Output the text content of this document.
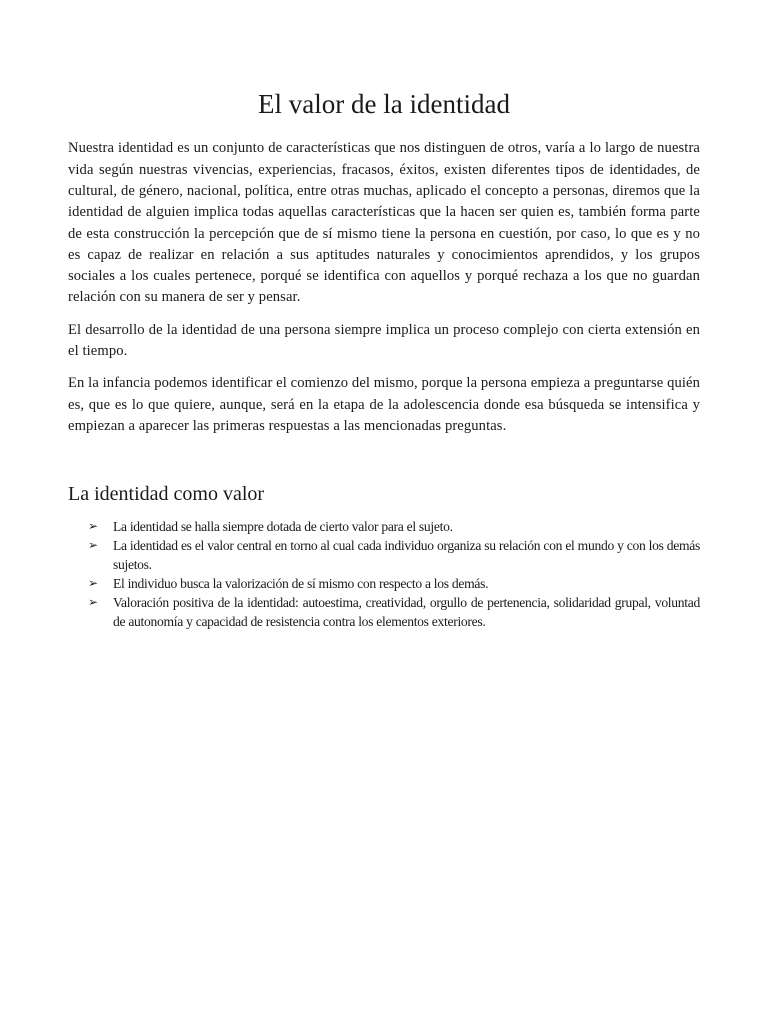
El valor de la identidad

Nuestra identidad es un conjunto de características que nos distinguen de otros, varía a lo largo de nuestra vida según nuestras vivencias, experiencias, fracasos, éxitos, existen diferentes tipos de identidades, de cultural, de género, nacional, política, entre otras muchas, aplicado el concepto a personas, diremos que la identidad de alguien implica todas aquellas características que la hacen ser quien es, también forma parte de esta construcción la percepción que de sí mismo tiene la persona en cuestión, por caso, lo que es y no es capaz de realizar en relación a sus aptitudes naturales y conocimientos aprendidos, y los grupos sociales a los cuales pertenece, porqué se identifica con aquellos y porqué rechaza a los que no guardan relación con su manera de ser y pensar.

El desarrollo de la identidad de una persona siempre implica un proceso complejo con cierta extensión en el tiempo.

En la infancia podemos identificar el comienzo del mismo, porque la persona empieza a preguntarse quién es, que es lo que quiere, aunque, será en la etapa de la adolescencia donde esa búsqueda se intensifica y empiezan a aparecer las primeras respuestas a las mencionadas preguntas.

La identidad como valor
➢ La identidad se halla siempre dotada de cierto valor para el sujeto.
➢ La identidad es el valor central en torno al cual cada individuo organiza su relación con el mundo y con los demás sujetos.
➢ El individuo busca la valorización de sí mismo con respecto a los demás.
➢ Valoración positiva de la identidad: autoestima, creatividad, orgullo de pertenencia, solidaridad grupal, voluntad de autonomía y capacidad de resistencia contra los elementos exteriores.
